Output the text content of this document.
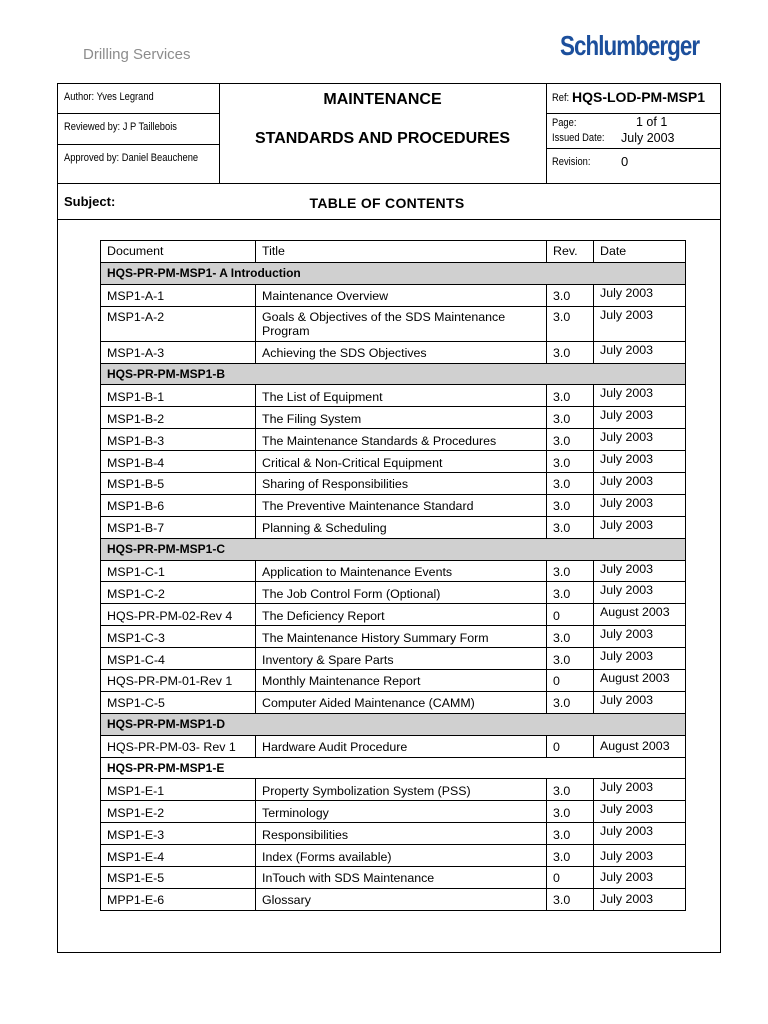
Drilling Services	Schlumberger
Author: Yves Legrand
Reviewed by: J P Taillebois
Approved by: Daniel Beauchene
MAINTENANCE
STANDARDS AND PROCEDURES
Ref: HQS-LOD-PM-MSP1
Page:	1 of 1
Issued Date: July 2003
Revision: 0
Subject:	TABLE OF CONTENTS
Document	Title	Rev.	Date
HQS-PR-PM-MSP1- A Introduction			
MSP1-A-1	Maintenance Overview	3.0	July 2003
MSP1-A-2	Goals & Objectives of the SDS Maintenance Program	3.0	July 2003
MSP1-A-3	Achieving the SDS Objectives	3.0	July 2003
HQS-PR-PM-MSP1-B			
MSP1-B-1	The List of Equipment	3.0	July 2003
MSP1-B-2	The Filing System	3.0	July 2003
MSP1-B-3	The Maintenance Standards & Procedures	3.0	July 2003
MSP1-B-4	Critical & Non-Critical Equipment	3.0	July 2003
MSP1-B-5	Sharing of Responsibilities	3.0	July 2003
MSP1-B-6	The Preventive Maintenance Standard	3.0	July 2003
MSP1-B-7	Planning & Scheduling	3.0	July 2003
HQS-PR-PM-MSP1-C			
MSP1-C-1	Application to Maintenance Events	3.0	July 2003
MSP1-C-2	The Job Control Form (Optional)	3.0	July 2003
HQS-PR-PM-02-Rev 4	The Deficiency Report	0	August 2003
MSP1-C-3	The Maintenance History Summary Form	3.0	July 2003
MSP1-C-4	Inventory & Spare Parts	3.0	July 2003
HQS-PR-PM-01-Rev 1	Monthly Maintenance Report	0	August 2003
MSP1-C-5	Computer Aided Maintenance (CAMM)	3.0	July 2003
HQS-PR-PM-MSP1-D			
HQS-PR-PM-03- Rev 1	Hardware Audit Procedure	0	August 2003
HQS-PR-PM-MSP1-E			
MSP1-E-1	Property Symbolization System (PSS)	3.0	July 2003
MSP1-E-2	Terminology	3.0	July 2003
MSP1-E-3	Responsibilities	3.0	July 2003
MSP1-E-4	Index (Forms available)	3.0	July 2003
MSP1-E-5	InTouch with SDS Maintenance	0	July 2003
MPP1-E-6	Glossary	3.0	July 2003
